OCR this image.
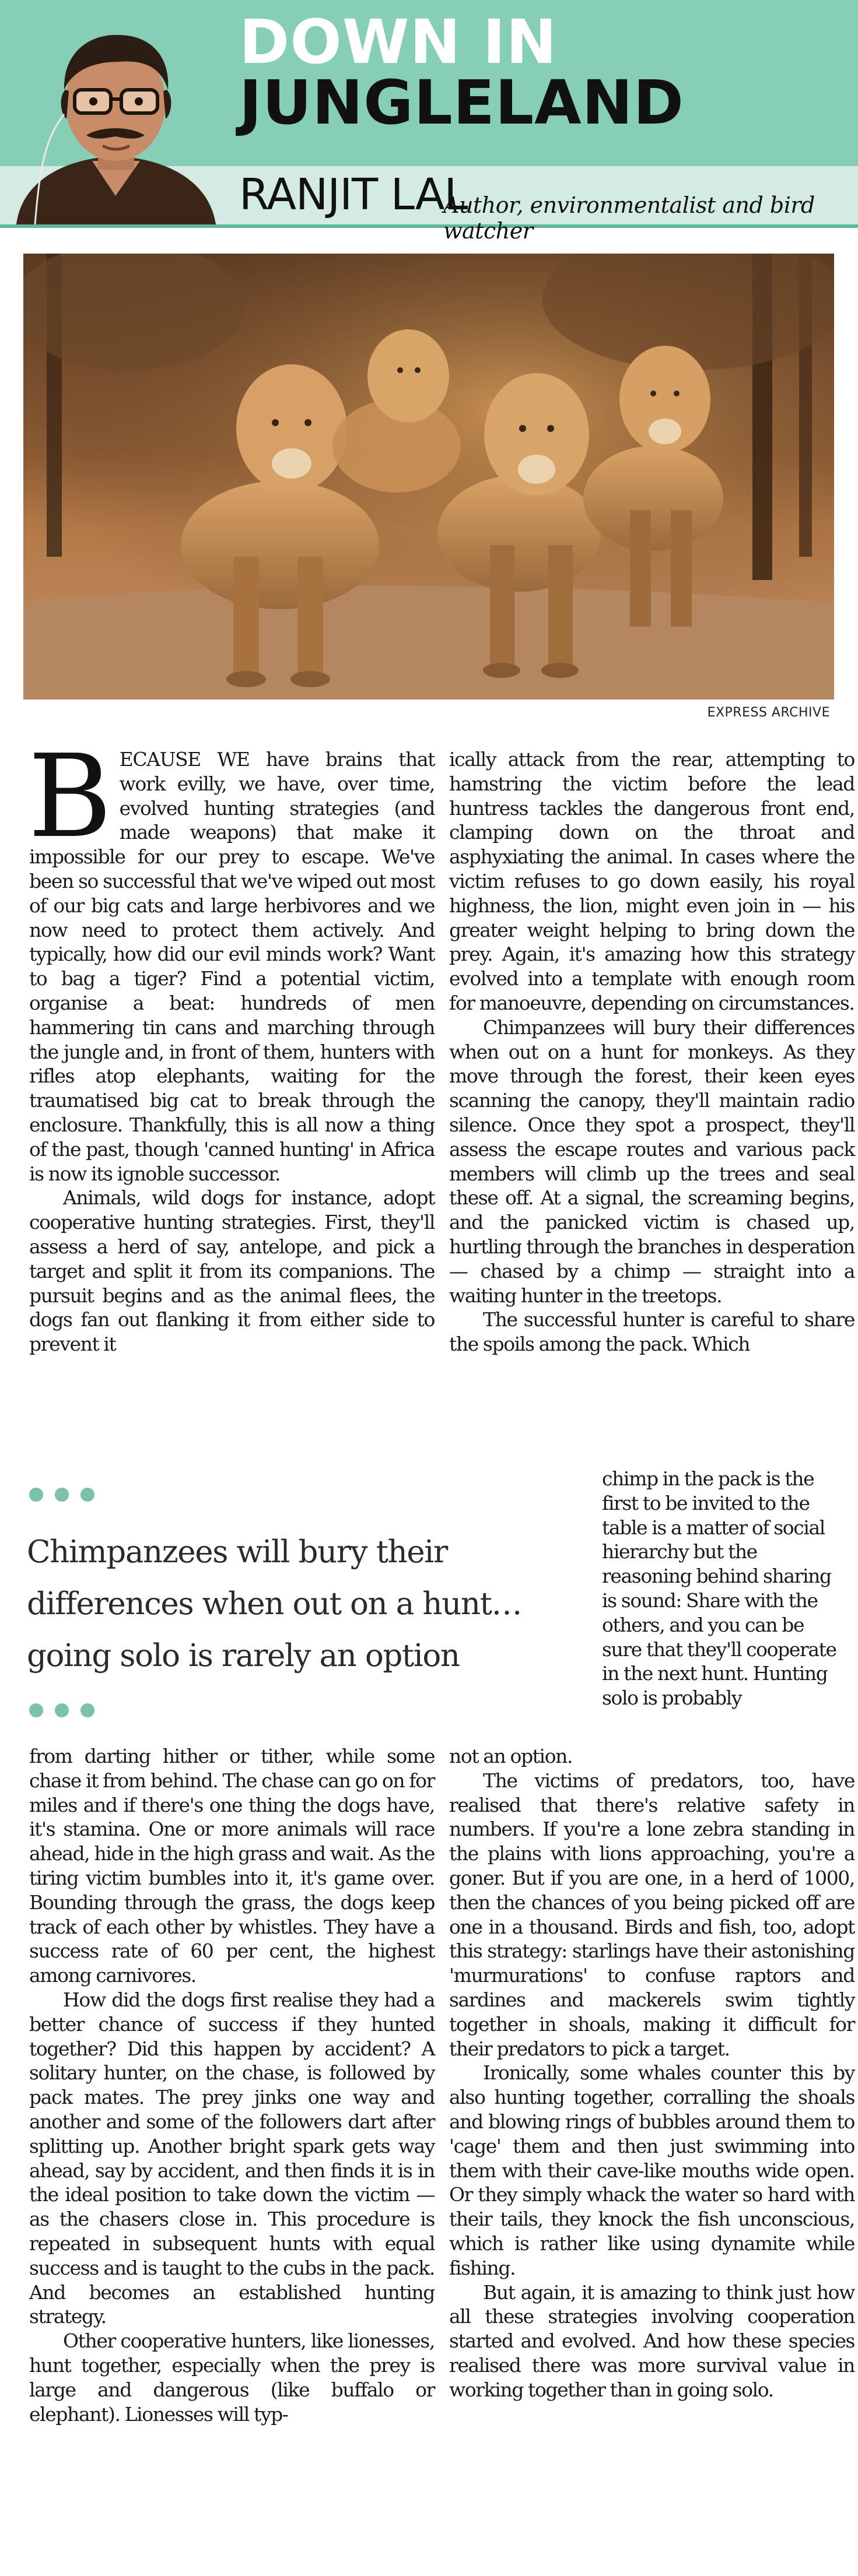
DOWN IN
JUNGLELAND
RANJIT LAL
Author, environmentalist and bird watcher
EXPRESS ARCHIVE

BECAUSE WE have brains that work evilly, we have, over time, evolved hunting strategies (and made weapons) that make it impossible for our prey to escape. We've been so successful that we've wiped out most of our big cats and large herbivores and we now need to protect them actively. And typically, how did our evil minds work? Want to bag a tiger? Find a potential victim, organise a beat: hundreds of men hammering tin cans and marching through the jungle and, in front of them, hunters with rifles atop elephants, waiting for the traumatised big cat to break through the enclosure. Thankfully, this is all now a thing of the past, though 'canned hunting' in Africa is now its ignoble successor.

Animals, wild dogs for instance, adopt cooperative hunting strategies. First, they'll assess a herd of say, antelope, and pick a target and split it from its companions. The pursuit begins and as the animal flees, the dogs fan out flanking it from either side to prevent it

ically attack from the rear, attempting to hamstring the victim before the lead huntress tackles the dangerous front end, clamping down on the throat and asphyxiating the animal. In cases where the victim refuses to go down easily, his royal highness, the lion, might even join in — his greater weight helping to bring down the prey. Again, it's amazing how this strategy evolved into a template with enough room for manoeuvre, depending on circumstances.

Chimpanzees will bury their differences when out on a hunt for monkeys. As they move through the forest, their keen eyes scanning the canopy, they'll maintain radio silence. Once they spot a prospect, they'll assess the escape routes and various pack members will climb up the trees and seal these off. At a signal, the screaming begins, and the panicked victim is chased up, hurtling through the branches in desperation — chased by a chimp — straight into a waiting hunter in the treetops.

The successful hunter is careful to share the spoils among the pack. Which

Chimpanzees will bury their differences when out on a hunt… going solo is rarely an option
chimp in the pack is the first to be invited to the table is a matter of social hierarchy but the reasoning behind sharing is sound: Share with the others, and you can be sure that they'll cooperate in the next hunt. Hunting solo is probably

from darting hither or tither, while some chase it from behind. The chase can go on for miles and if there's one thing the dogs have, it's stamina. One or more animals will race ahead, hide in the high grass and wait. As the tiring victim bumbles into it, it's game over. Bounding through the grass, the dogs keep track of each other by whistles. They have a success rate of 60 per cent, the highest among carnivores.

How did the dogs first realise they had a better chance of success if they hunted together? Did this happen by accident? A solitary hunter, on the chase, is followed by pack mates. The prey jinks one way and another and some of the followers dart after splitting up. Another bright spark gets way ahead, say by accident, and then finds it is in the ideal position to take down the victim — as the chasers close in. This procedure is repeated in subsequent hunts with equal success and is taught to the cubs in the pack. And becomes an established hunting strategy.

Other cooperative hunters, like lionesses, hunt together, especially when the prey is large and dangerous (like buffalo or elephant). Lionesses will typ-

not an option.

The victims of predators, too, have realised that there's relative safety in numbers. If you're a lone zebra standing in the plains with lions approaching, you're a goner. But if you are one, in a herd of 1000, then the chances of you being picked off are one in a thousand. Birds and fish, too, adopt this strategy: starlings have their astonishing 'murmurations' to confuse raptors and sardines and mackerels swim tightly together in shoals, making it difficult for their predators to pick a target.

Ironically, some whales counter this by also hunting together, corralling the shoals and blowing rings of bubbles around them to 'cage' them and then just swimming into them with their cave-like mouths wide open. Or they simply whack the water so hard with their tails, they knock the fish unconscious, which is rather like using dynamite while fishing.

But again, it is amazing to think just how all these strategies involving cooperation started and evolved. And how these species realised there was more survival value in working together than in going solo.
